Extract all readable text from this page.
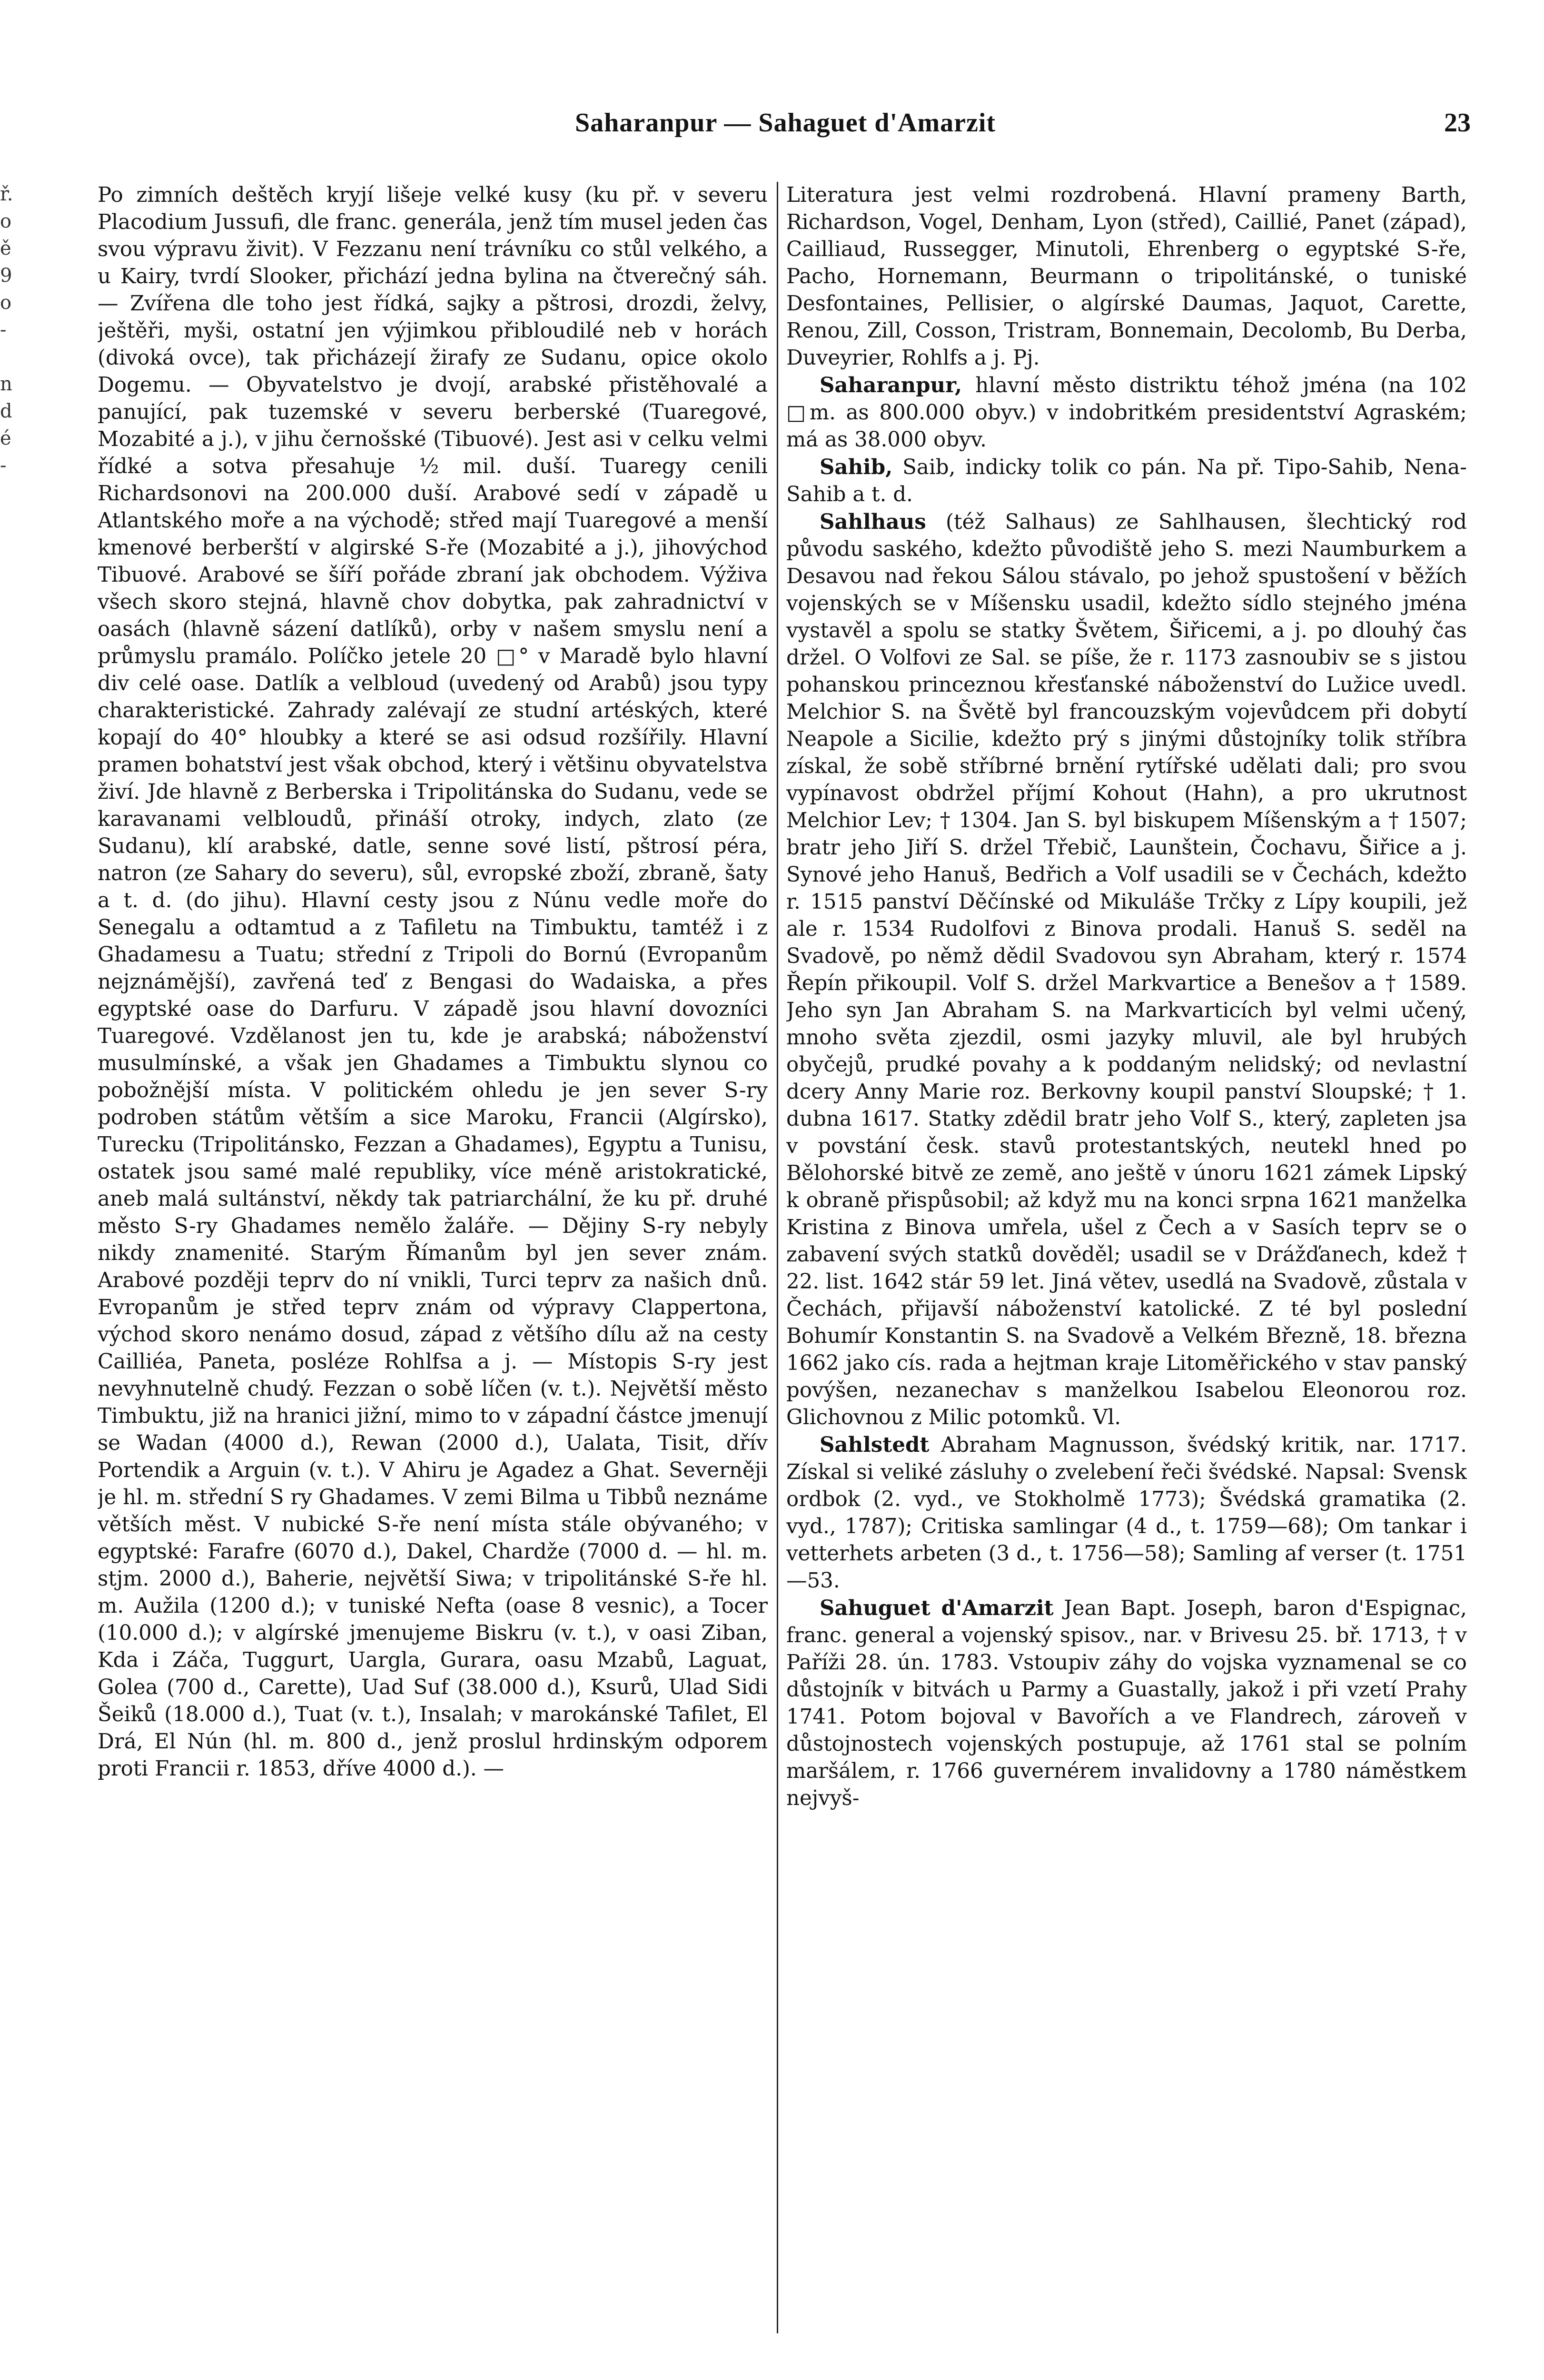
ř.
o
ě
9
o
-

n
d
é
-
Saharanpur — Sahaguet d'Amarzit	23

Po zimních deštěch kryjí lišeje velké kusy (ku př. v severu Placodium Jussufi, dle franc. generála, jenž tím musel jeden čas svou výpravu živit). V Fezzanu není trávníku co stůl velkého, a u Kairy, tvrdí Slooker, přichází jedna bylina na čtverečný sáh. — Zvířena dle toho jest řídká, sajky a pštrosi, drozdi, želvy, ještěři, myši, ostatní jen výjimkou přibloudilé neb v horách (divoká ovce), tak přicházejí žirafy ze Sudanu, opice okolo Dogemu. — Obyvatelstvo je dvojí, arabské přistěhovalé a panující, pak tuzemské v severu berberské (Tuaregové, Mozabité a j.), v jihu černošské (Tibuové). Jest asi v celku velmi řídké a sotva přesahuje ½ mil. duší. Tuaregy cenili Richardsonovi na 200.000 duší. Arabové sedí v západě u Atlantského moře a na východě; střed mají Tuaregové a menší kmenové berberští v algirské S-ře (Mozabité a j.), jihovýchod Tibuové. Arabové se šíří pořáde zbraní jak obchodem. Výživa všech skoro stejná, hlavně chov dobytka, pak zahradnictví v oasách (hlavně sázení datlíků), orby v našem smyslu není a průmyslu pramálo. Políčko jetele 20 □° v Maradě bylo hlavní div celé oase. Datlík a velbloud (uvedený od Arabů) jsou typy charakteristické. Zahrady zalévají ze studní artéských, které kopají do 40° hloubky a které se asi odsud rozšířily. Hlavní pramen bohatství jest však obchod, který i většinu obyvatelstva živí. Jde hlavně z Berberska i Tripolitánska do Sudanu, vede se karavanami velbloudů, přináší otroky, indych, zlato (ze Sudanu), klí arabské, datle, senne sové listí, pštrosí péra, natron (ze Sahary do severu), sůl, evropské zboží, zbraně, šaty a t. d. (do jihu). Hlavní cesty jsou z Núnu vedle moře do Senegalu a odtamtud a z Tafiletu na Timbuktu, tamtéž i z Ghadamesu a Tuatu; střední z Tripoli do Bornú (Evropanům nejznámější), zavřená teď z Bengasi do Wadaiska, a přes egyptské oase do Darfuru. V západě jsou hlavní dovozníci Tuaregové. Vzdělanost jen tu, kde je arabská; náboženství musulmínské, a však jen Ghadames a Timbuktu slynou co pobožnější místa. V politickém ohledu je jen sever S-ry podroben státům větším a sice Maroku, Francii (Algírsko), Turecku (Tripolitánsko, Fezzan a Ghadames), Egyptu a Tunisu, ostatek jsou samé malé republiky, více méně aristokratické, aneb malá sultánství, někdy tak patriarchální, že ku př. druhé město S-ry Ghadames nemělo žaláře. — Dějiny S-ry nebyly nikdy znamenité. Starým Římanům byl jen sever znám. Arabové později teprv do ní vnikli, Turci teprv za našich dnů. Evropanům je střed teprv znám od výpravy Clappertona, východ skoro nenámo dosud, západ z většího dílu až na cesty Cailliéa, Paneta, posléze Rohlfsa a j. — Místopis S-ry jest nevyhnutelně chudý. Fezzan o sobě líčen (v. t.). Největší město Timbuktu, již na hranici jižní, mimo to v západní částce jmenují se Wadan (4000 d.), Rewan (2000 d.), Ualata, Tisit, dřív Portendik a Arguin (v. t.). V Ahiru je Agadez a Ghat. Severněji je hl. m. střední S ry Ghadames. V zemi Bilma u Tibbů neznáme větších měst. V nubické S-ře není místa stále obývaného; v egyptské: Farafre (6070 d.), Dakel, Chardže (7000 d. — hl. m. stjm. 2000 d.), Baherie, největší Siwa; v tripolitánské S-ře hl. m. Aužila (1200 d.); v tuniské Nefta (oase 8 vesnic), a Tocer (10.000 d.); v algírské jmenujeme Biskru (v. t.), v oasi Ziban, Kda i Záča, Tuggurt, Uargla, Gurara, oasu Mzabů, Laguat, Golea (700 d., Carette), Uad Suf (38.000 d.), Ksurů, Ulad Sidi Šeiků (18.000 d.), Tuat (v. t.), Insalah; v marokánské Tafilet, El Drá, El Nún (hl. m. 800 d., jenž proslul hrdinským odporem proti Francii r. 1853, dříve 4000 d.). —

Literatura jest velmi rozdrobená. Hlavní prameny Barth, Richardson, Vogel, Denham, Lyon (střed), Caillié, Panet (západ), Cailliaud, Russegger, Minutoli, Ehrenberg o egyptské S-ře, Pacho, Hornemann, Beurmann o tripolitánské, o tuniské Desfontaines, Pellisier, o algírské Daumas, Jaquot, Carette, Renou, Zill, Cosson, Tristram, Bonnemain, Decolomb, Bu Derba, Duveyrier, Rohlfs a j. Pj.

Saharanpur, hlavní město distriktu téhož jména (na 102 □m. as 800.000 obyv.) v indobritkém presidentství Agraském; má as 38.000 obyv.

Sahib, Saib, indicky tolik co pán. Na př. Tipo-Sahib, Nena-Sahib a t. d.

Sahlhaus (též Salhaus) ze Sahlhausen, šlechtický rod původu saského, kdežto původiště jeho S. mezi Naumburkem a Desavou nad řekou Sálou stávalo, po jehož spustošení v běžích vojenských se v Míšensku usadil, kdežto sídlo stejného jména vystavěl a spolu se statky Švětem, Šiřicemi, a j. po dlouhý čas držel. O Volfovi ze Sal. se píše, že r. 1173 zasnoubiv se s jistou pohanskou princeznou křesťanské náboženství do Lužice uvedl. Melchior S. na Švětě byl francouzským vojevůdcem při dobytí Neapole a Sicilie, kdežto prý s jinými důstojníky tolik stříbra získal, že sobě stříbrné brnění rytířské udělati dali; pro svou vypínavost obdržel příjmí Kohout (Hahn), a pro ukrutnost Melchior Lev; † 1304. Jan S. byl biskupem Míšenským a † 1507; bratr jeho Jiří S. držel Třebič, Launštein, Čochavu, Šiřice a j. Synové jeho Hanuš, Bedřich a Volf usadili se v Čechách, kdežto r. 1515 panství Děčínské od Mikuláše Trčky z Lípy koupili, jež ale r. 1534 Rudolfovi z Binova prodali. Hanuš S. seděl na Svadově, po němž dědil Svadovou syn Abraham, který r. 1574 Řepín přikoupil. Volf S. držel Markvartice a Benešov a † 1589. Jeho syn Jan Abraham S. na Markvarticích byl velmi učený, mnoho světa zjezdil, osmi jazyky mluvil, ale byl hrubých obyčejů, prudké povahy a k poddaným nelidský; od nevlastní dcery Anny Marie roz. Berkovny koupil panství Sloupské; † 1. dubna 1617. Statky zdědil bratr jeho Volf S., který, zapleten jsa v povstání česk. stavů protestantských, neutekl hned po Bělohorské bitvě ze země, ano ještě v únoru 1621 zámek Lipský k obraně přispůsobil; až když mu na konci srpna 1621 manželka Kristina z Binova umřela, ušel z Čech a v Sasích teprv se o zabavení svých statků dověděl; usadil se v Drážďanech, kdež † 22. list. 1642 stár 59 let. Jiná větev, usedlá na Svadově, zůstala v Čechách, přijavší náboženství katolické. Z té byl poslední Bohumír Konstantin S. na Svadově a Velkém Březně, 18. března 1662 jako cís. rada a hejtman kraje Litoměřického v stav panský povýšen, nezanechav s manželkou Isabelou Eleonorou roz. Glichovnou z Milic potomků. Vl.

Sahlstedt Abraham Magnusson, švédský kritik, nar. 1717. Získal si veliké zásluhy o zvelebení řeči švédské. Napsal: Svensk ordbok (2. vyd., ve Stokholmě 1773); Švédská gramatika (2. vyd., 1787); Critiska samlingar (4 d., t. 1759—68); Om tankar i vetterhets arbeten (3 d., t. 1756—58); Samling af verser (t. 1751—53.

Sahuguet d'Amarzit Jean Bapt. Joseph, baron d'Espignac, franc. general a vojenský spisov., nar. v Brivesu 25. bř. 1713, † v Paříži 28. ún. 1783. Vstoupiv záhy do vojska vyznamenal se co důstojník v bitvách u Parmy a Guastally, jakož i při vzetí Prahy 1741. Potom bojoval v Bavořích a ve Flandrech, zároveň v důstojnostech vojenských postupuje, až 1761 stal se polním maršálem, r. 1766 guvernérem invalidovny a 1780 náměstkem nejvyš-
